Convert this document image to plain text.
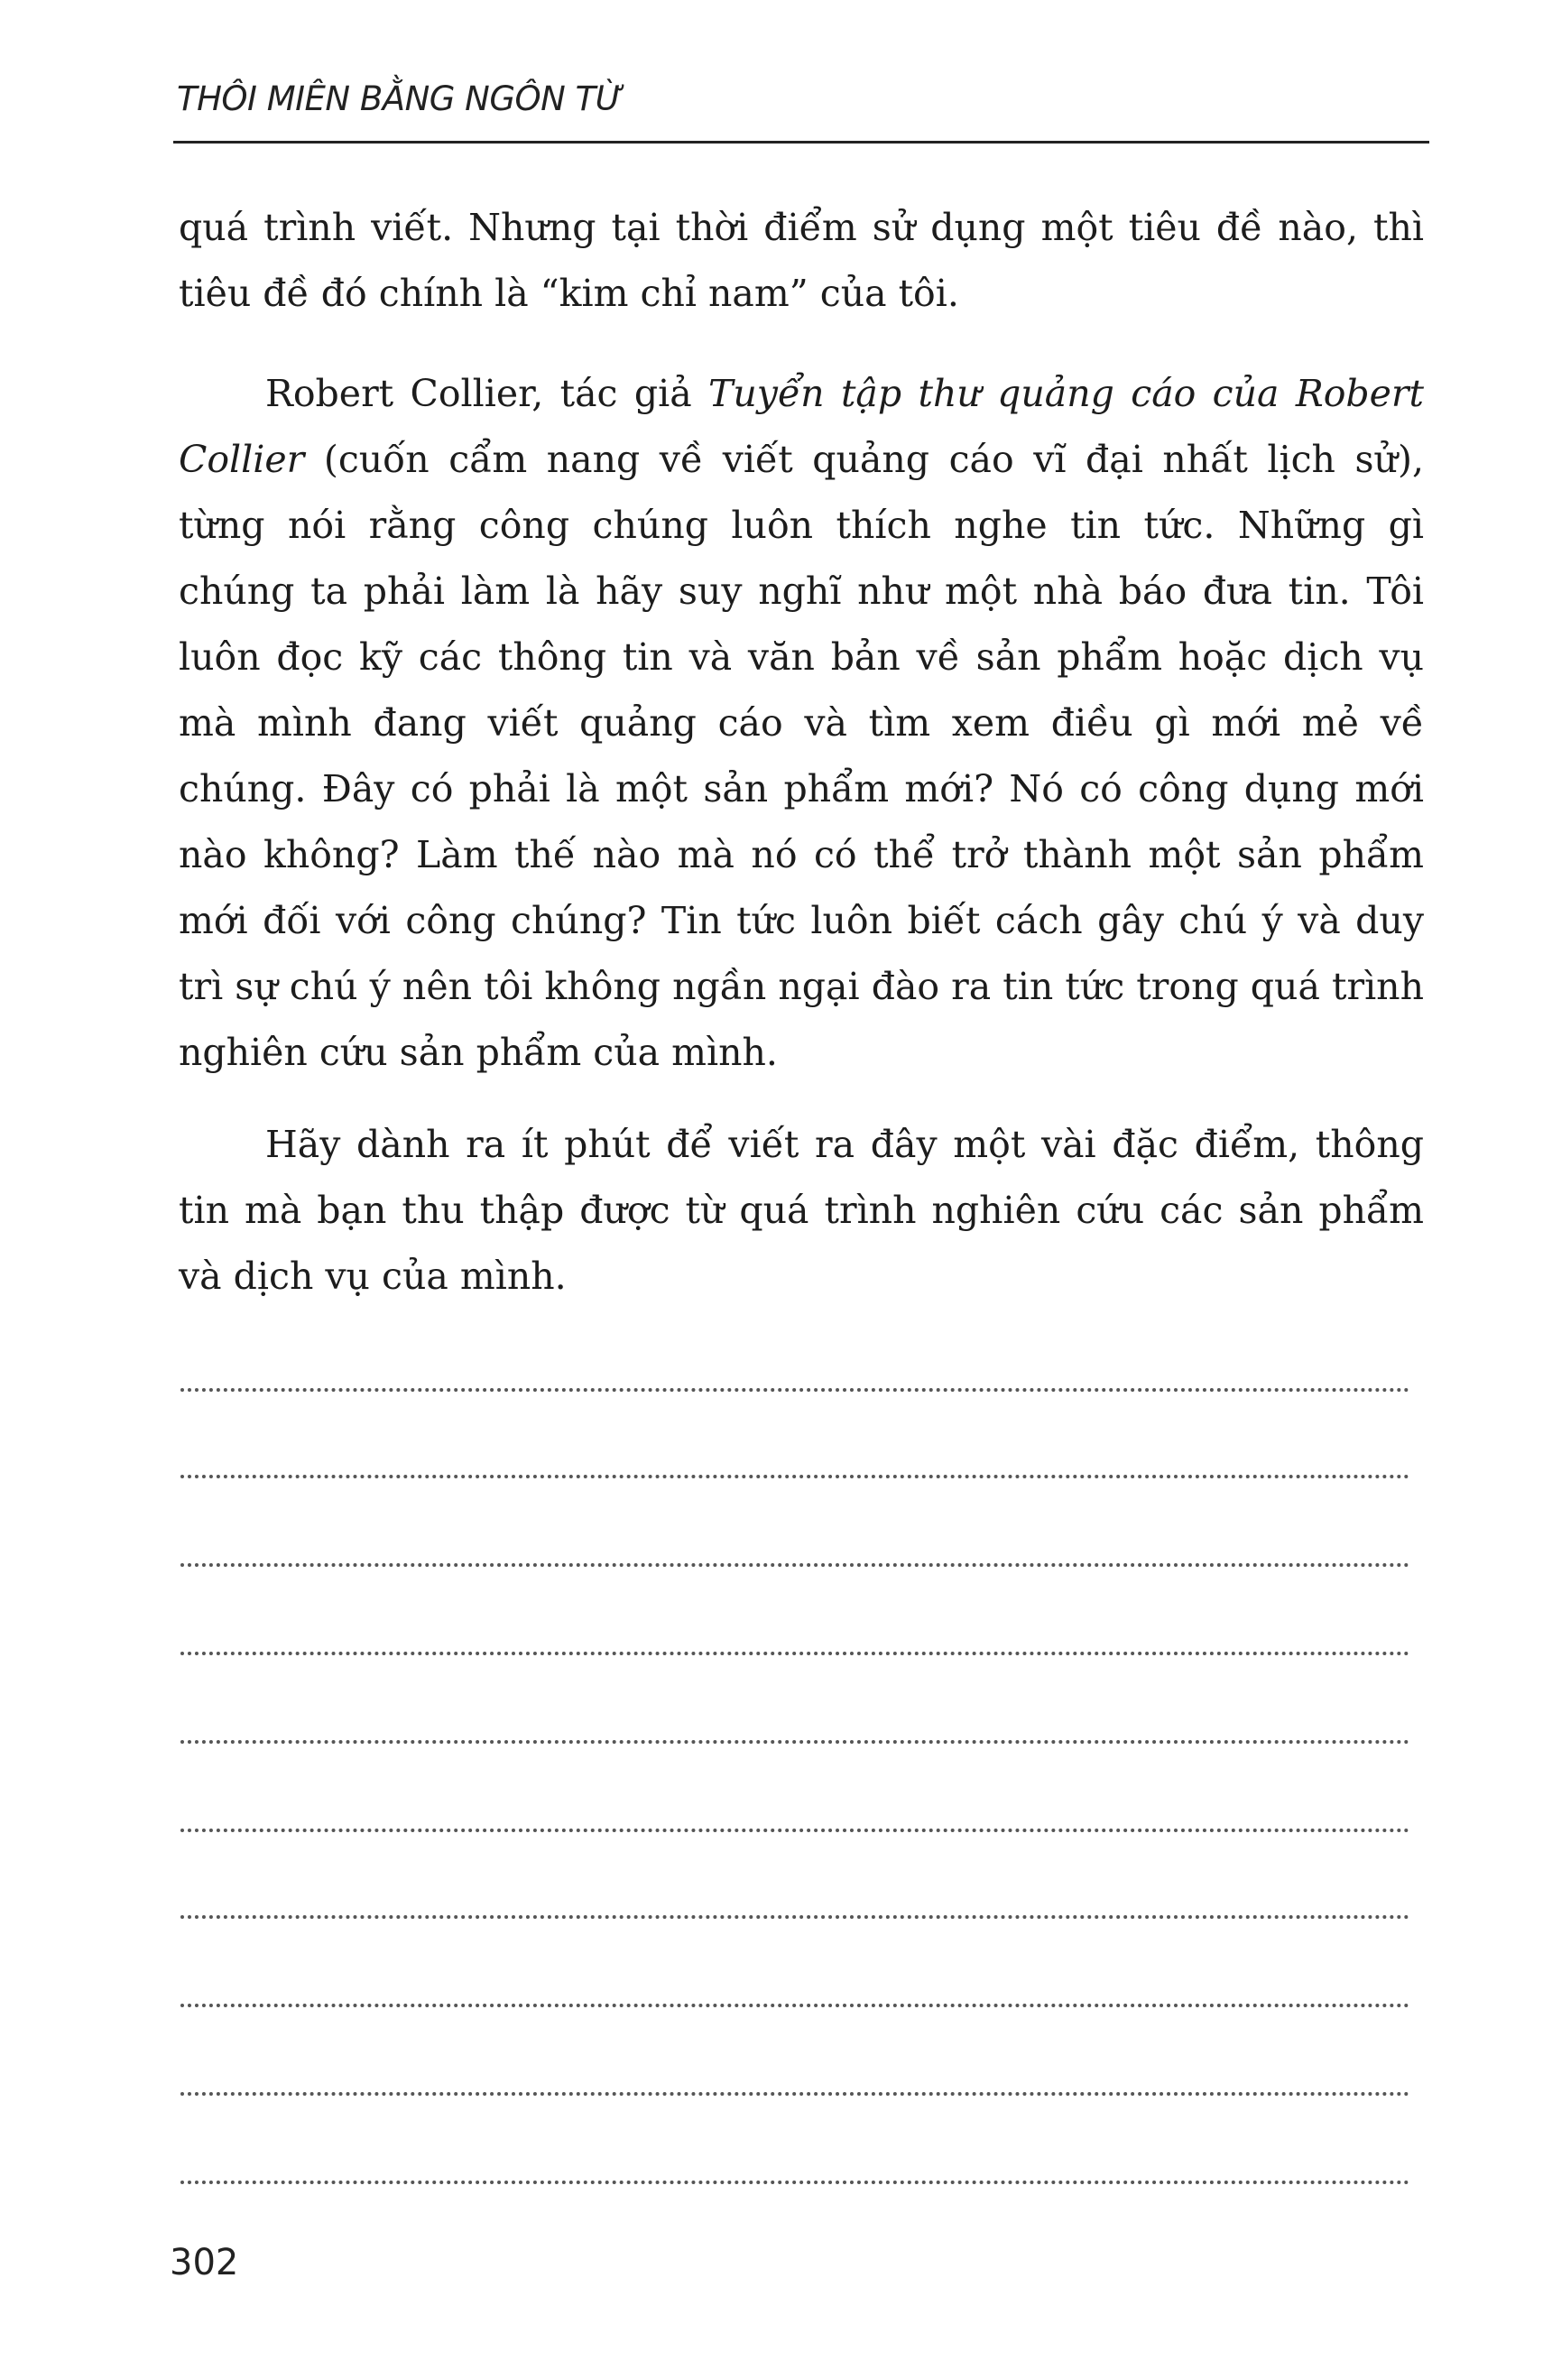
THÔI MIÊN BẰNG NGÔN TỪ

quá trình viết. Nhưng tại thời điểm sử dụng một tiêu đề nào, thì tiêu đề đó chính là “kim chỉ nam” của tôi.

Robert Collier, tác giả Tuyển tập thư quảng cáo của Robert Collier (cuốn cẩm nang về viết quảng cáo vĩ đại nhất lịch sử), từng nói rằng công chúng luôn thích nghe tin tức. Những gì chúng ta phải làm là hãy suy nghĩ như một nhà báo đưa tin. Tôi luôn đọc kỹ các thông tin và văn bản về sản phẩm hoặc dịch vụ mà mình đang viết quảng cáo và tìm xem điều gì mới mẻ về chúng. Đây có phải là một sản phẩm mới? Nó có công dụng mới nào không? Làm thế nào mà nó có thể trở thành một sản phẩm mới đối với công chúng? Tin tức luôn biết cách gây chú ý và duy trì sự chú ý nên tôi không ngần ngại đào ra tin tức trong quá trình nghiên cứu sản phẩm của mình.

Hãy dành ra ít phút để viết ra đây một vài đặc điểm, thông tin mà bạn thu thập được từ quá trình nghiên cứu các sản phẩm và dịch vụ của mình.

302
